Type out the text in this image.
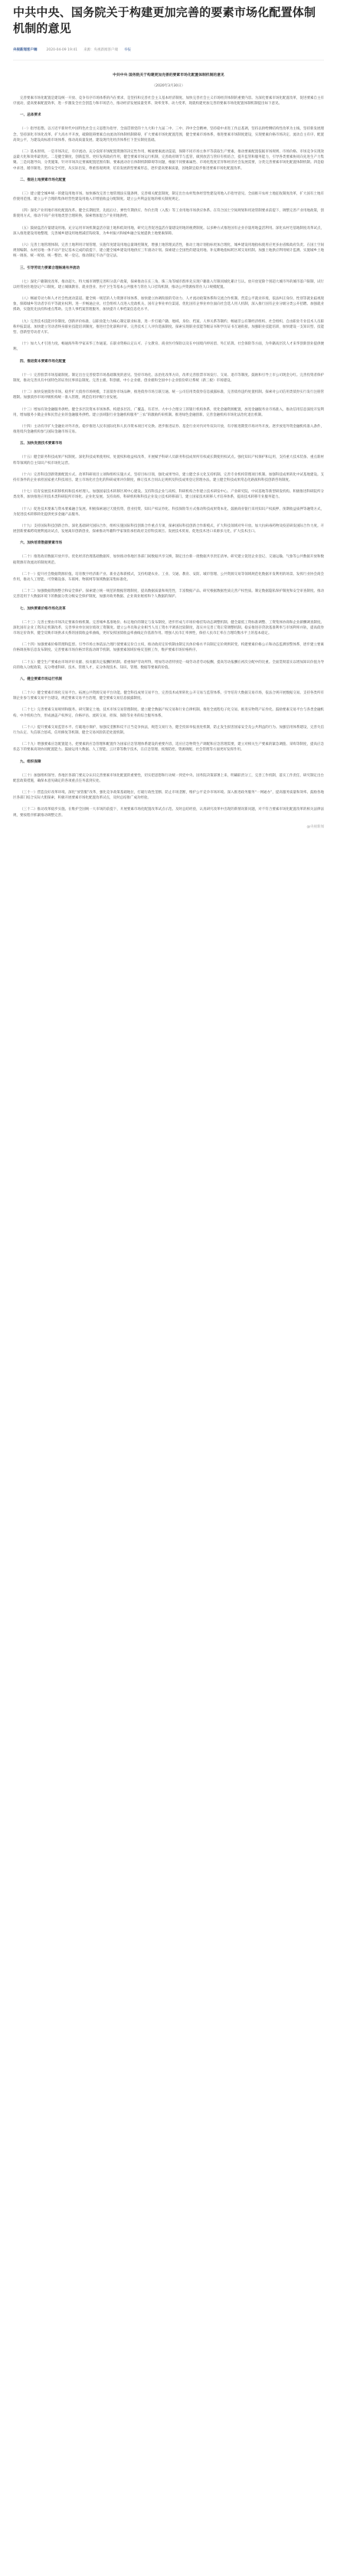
中共中央、国务院关于构建更加完善的要素市场化配置体制机制的意见
央视新闻客户端	2020-04-09 19:41 来源：央视新闻客户端 举报
中共中央 国务院关于构建更加完善的要素市场化配置体制机制的意见
（2020年3月30日）
完善要素市场化配置是建设统一开放、竞争有序市场体系的内在要求，是坚持和完善社会主义基本经济制度、加快完善社会主义市场经济体制的重要内容。为深化要素市场化配置改革，促进要素自主有序流动，提高要素配置效率，进一步激发全社会创造力和市场活力，推动经济发展质量变革、效率变革、动力变革，现就构建更加完善的要素市场化配置体制机制提出如下意见。
一、总体要求
（一）指导思想。以习近平新时代中国特色社会主义思想为指导，全面贯彻党的十九大和十九届二中、三中、四中全会精神，坚持稳中求进工作总基调，坚持以供给侧结构性改革为主线，坚持新发展理念，坚持深化市场化改革、扩大高水平开放，破除阻碍要素自由流动的体制机制障碍，扩大要素市场化配置范围，健全要素市场体系，推进要素市场制度建设，实现要素价格市场决定、流动自主有序、配置高效公平，为建设高标准市场体系、推动高质量发展、建设现代化经济体系打下坚实制度基础。
（二）基本原则。一是市场决定，有序流动。充分发挥市场配置资源的决定性作用，畅通要素流动渠道，保障不同市场主体平等获取生产要素，推动要素配置依据市场规则、市场价格、市场竞争实现效益最大化和效率最优化。二是健全制度，创新监管。更好发挥政府作用，健全要素市场运行机制，完善政府调节与监管，做到放活与管好有机结合，提升监管和服务能力，引导各类要素协同向先进生产力集聚。三是问题导向，分类施策。针对市场决定要素配置范围有限、要素流动存在体制机制障碍等问题，根据不同要素属性、市场化程度差异和经济社会发展需要，分类完善要素市场化配置体制机制。四是稳中求进，循序渐进。坚持安全可控，从实际出发，尊重客观规律，培育发展新型要素形态，逐步提高要素质量，因地制宜稳步推进要素市场化配置改革。
二、推进土地要素市场化配置
（三）建立健全城乡统一的建设用地市场。加快修改完善土地管理法实施条例，完善相关配套制度，制定出台农村集体经营性建设用地入市指导意见。全面推开农村土地征收制度改革，扩大国有土地有偿使用范围。建立公平合理的集体经营性建设用地入市增值收益分配制度。建立公共利益征地的相关制度规定。
（四）深化产业用地市场化配置改革。健全长期租赁、先租后让、弹性年期供应、作价出资（入股）等工业用地市场供应体系。在符合国土空间规划和用途管制要求前提下，调整完善产业用地政策，创新使用方式，推动不同产业用地类型合理转换，探索增加混合产业用地供给。
（五）鼓励盘活存量建设用地。充分运用市场机制盘活存量土地和低效用地，研究完善促进盘活存量建设用地的税费制度。以多种方式推进国有企业存量用地盘活利用。深化农村宅基地制度改革试点，深入推进建设用地整理，完善城乡建设用地增减挂钩政策，为乡村振兴和城乡融合发展提供土地要素保障。
（六）完善土地管理体制。完善土地利用计划管理，实施年度建设用地总量调控制度，增强土地管理灵活性，推动土地计划指标更加合理化，城乡建设用地指标使用应更多由省级政府负责。在国土空间规划编制、农村房地一体不动产登记基本完成的前提下，建立健全城乡建设用地供应三年滚动计划。探索建立全国性的建设用地、补充耕地指标跨区域交易机制。加强土地供应利用统计监测。实施城乡土地统一调查、统一规划、统一整治、统一登记。推动制定不动产登记法。
三、引导劳动力要素合理畅通有序流动
（七）深化户籍制度改革。推动超大、特大城市调整完善积分落户政策，探索推动在长三角、珠三角等城市群率先实现户籍准入年限同城化累计互认。放开放宽除个别超大城市外的城市落户限制，试行以经常居住地登记户口制度。建立城镇教育、就业创业、医疗卫生等基本公共服务与常住人口挂钩机制，推动公共资源按常住人口规模配置。
（八）畅通劳动力和人才社会性流动渠道。健全统一规范的人力资源市场体系，加快建立协调衔接的劳动力、人才流动政策体系和交流合作机制。营造公平就业环境，依法纠正身份、性别等就业歧视现象，保障城乡劳动者享有平等就业权利。进一步畅通企业、社会组织人员进入党政机关、国有企事业单位渠道。优化国有企事业单位面向社会选人用人机制，深入推行国有企业分级分类公开招聘。加强就业援助，实施优先扶持和重点帮助。完善人事档案管理服务，加快提升人事档案信息化水平。
（九）完善技术技能评价制度。创新评价标准，以职业能力为核心制定职业标准，进一步打破户籍、地域、身份、档案、人事关系等制约，畅通非公有制经济组织、社会组织、自由职业专业技术人员职称申报渠道。加快建立劳动者终身职业技能培训制度。推进社会化职称评审。完善技术工人评价选拔制度。探索实现职业技能等级证书和学历证书互通衔接。加强职业技能培训，加快建设一支知识型、技能型、创新型劳动者大军。
（十）加大人才引进力度。畅通海外科学家来华工作通道。在职业资格认定认可、子女教育、商业医疗保险以及在中国境内停居留、外汇结算、社会保险等方面，为外籍高层次人才来华创新创业提供便利。
四、推进资本要素市场化配置
（十一）完善股票市场基础制度。制定出台完善股票市场基础制度的意见。坚持市场化、法治化改革方向，改革完善股票市场发行、交易、退市等制度。鼓励和引导上市公司现金分红。完善投资者保护制度，推动完善具有中国特色的证券民事诉讼制度。完善主板、科创板、中小企业板、创业板和全国中小企业股份转让系统（新三板）市场建设。
（十二）加快发展债券市场。稳步扩大债券市场规模，丰富债券市场品种，推进债券市场互联互通。统一公司信用类债券信息披露标准，完善债券违约处置机制。探索对公司信用类债券实行发行注册管理制。加强债券市场评级机构统一准入管理，规范信用评级行业发展。
（十三）增加有效金融服务供给。健全多层次资本市场体系。构建多层次、广覆盖、有差异、大中小合理分工的银行机构体系，优化金融资源配置，放宽金融服务业市场准入，推动信用信息深度开发利用，增加服务小微企业和民营企业的金融服务供给。建立县域银行业金融机构服务“三农”的激励约束机制。推进绿色金融创新。完善金融机构市场化法治化退出机制。
（十四）主动有序扩大金融业对外开放。稳步推进人民币国际化和人民币资本项目可兑换。逐步推进证券、基金行业对内对外双向开放，有序推进期货市场对外开放。逐步放宽外资金融机构准入条件，推进境内金融机构参与国际金融市场交易。
五、加快发展技术要素市场
（十五）健全职务科技成果产权制度。深化科技成果使用权、处置权和收益权改革，开展赋予科研人员职务科技成果所有权或长期使用权试点。强化知识产权保护和运用，支持重大技术装备、重点新材料等领域的自主知识产权市场化运营。
（十六）完善科技创新资源配置方式。改革科研项目立项和组织实施方式，坚持目标引领，强化成果导向，建立健全多元化支持机制。完善专业机构管理项目机制。加强科技成果转化中试基地建设。支持有条件的企业承担国家重大科技项目。建立市场化社会化的科研成果评价制度，修订技术合同认定规则及科技成果登记管理办法。建立健全科技成果常态化路演和科技创新咨询制度。
（十七）培育发展技术转移机构和技术经理人。加强国家技术转移区域中心建设。支持科技企业与高校、科研机构合作建立技术研发中心、产业研究院、中试基地等新型研发机构。积极推进科研院所分类改革，加快推进应用技术类科研院所市场化、企业化发展。支持高校、科研机构和科技企业设立技术转移部门。建立国家技术转移人才培养体系，提高技术转移专业服务能力。
（十八）促进技术要素与资本要素融合发展。积极探索通过天使投资、创业投资、知识产权证券化、科技保险等方式推动科技成果资本化。鼓励商业银行采用知识产权质押、预期收益质押等融资方式，为促进技术转移转化提供更多金融产品服务。
（十九）支持国际科技创新合作。深化基础研究国际合作，组织实施国际科技创新合作重点专项，探索国际科技创新合作新模式，扩大科技领域对外开放。加大抗病毒药物及疫苗研发国际合作力度。开展创新要素跨境便利流动试点，发展离岸创新创业，探索推动外籍科学家领衔承担政府支持科技项目。发展技术贸易，促进技术进口来源多元化，扩大技术出口。
六、加快培育数据要素市场
（二十）推进政府数据开放共享。优化经济治理基础数据库，加快推动各地区各部门间数据共享交换，制定出台新一批数据共享责任清单。研究建立促进企业登记、交通运输、气象等公共数据开放和数据资源有效流动的制度规范。
（二十一）提升社会数据资源价值。培育数字经济新产业、新业态和新模式，支持构建农业、工业、交通、教育、安防、城市管理、公共资源交易等领域规范化数据开发利用的场景。发挥行业协会商会作用，推动人工智能、可穿戴设备、车联网、物联网等领域数据采集标准化。
（二十二）加强数据资源整合和安全保护。探索建立统一规范的数据管理制度，提高数据质量和规范性，丰富数据产品。研究根据数据性质完善产权性质。制定数据隐私保护制度和安全审查制度。推动完善适用于大数据环境下的数据分类分级安全保护制度，加强对政务数据、企业商业秘密和个人数据的保护。
七、加快要素价格市场化改革
（二十三）完善主要由市场决定要素价格机制。完善城乡基准地价、标定地价的制定与发布制度，逐步形成与市场价格挂钩动态调整机制。健全最低工资标准调整、工资集体协商和企业薪酬调查制度。深化国有企业工资决定机制改革，完善事业单位岗位绩效工资制度。建立公务员和企业相当人员工资水平调查比较制度，落实并完善工资正常调整机制。稳妥推进存贷款基准利率与市场利率并轨，提高债券市场定价效率，健全反映市场供求关系的国债收益率曲线，更好发挥国债收益率曲线定价基准作用。增强人民币汇率弹性，保持人民币汇率在合理均衡水平上的基本稳定。
（二十四）加强要素价格管理和监督。引导市场主体依法合理行使要素定价自主权，推动政府定价机制由制定具体价格水平向制定定价规则转变。构建要素价格公示和动态监测预警体系，逐步建立要素价格调查和信息发布制度。完善要素市场价格异常波动调节机制。加强要素领域价格反垄断工作，维护要素市场价格秩序。
（二十五）健全生产要素由市场评价贡献、按贡献决定报酬的机制。着重保护劳动所得，增加劳动者特别是一线劳动者劳动报酬，提高劳动报酬在初次分配中的比重。全面贯彻落实以增加知识价值为导向的收入分配政策，充分尊重科研、技术、管理人才，充分体现技术、知识、管理、数据等要素的价值。
八、健全要素市场运行机制
（二十六）健全要素市场化交易平台。拓展公共资源交易平台功能。健全科技成果交易平台，完善技术成果转化公开交易与监管体系。引导培育大数据交易市场，依法合规开展数据交易。支持各类所有制企业参与要素交易平台建设，规范要素交易平台治理，健全要素交易信息披露制度。
（二十七）完善要素交易规则和服务。研究制定土地、技术市场交易管理制度。建立健全数据产权交易和行业自律机制。推进全流程电子化交易。推进实物资产证券化。鼓励要素交易平台与各类金融机构、中介机构合作，形成涵盖产权界定、价格评估、流转交易、担保、保险等业务的综合服务体系。
（二十八）提升要素交易监管水平。打破地方保护，加强反垄断和反不正当竞争执法，规范交易行为，健全投诉举报查处机制，防止发生损害国家安全及公共利益的行为。加强信用体系建设，完善失信行为认定、失信联合惩戒、信用修复等机制。健全交易风险防范处置机制。
（二十九）增强要素应急配置能力。把要素的应急管理和配置作为国家应急管理体系建设的重要内容，适应应急物资生产调配和应急管理需要，建立对相关生产要素的紧急调拨、采购等制度，提高应急状态下的要素高效协同配置能力。鼓励运用大数据、人工智能、云计算等数字技术，在应急管理、疫情防控、资源调配、社会管理等方面更好发挥作用。
九、组织保障
（三十）加强组织领导。各地区各部门要充分认识完善要素市场化配置的重要性，切实把思想和行动统一到党中央、国务院决策部署上来，明确职责分工，完善工作机制，落实工作责任，研究制定出台配套政策措施，确保本意见确定的各项重点任务落到实处。
（三十一）营造良好改革环境。深化“放管服”改革，强化竞争政策基础地位，打破行政性垄断、防止市场垄断，维护公平竞争市场环境。深入推进政务服务“一网通办”，提高服务质量和效率。鼓励各地区各部门结合实际大胆探索，积极开展要素市场化配置改革试点，及时总结推广成功经验。
（三十二）推动改革稳步实施。在维护全国统一大市场的前提下，开展要素市场化配置改革试点示范。及时总结经验，认真研究改革中出现的新情况新问题，对不符合要素市场化配置改革的相关法律法规，要按程序抓紧推动调整完善。
@央视新闻
